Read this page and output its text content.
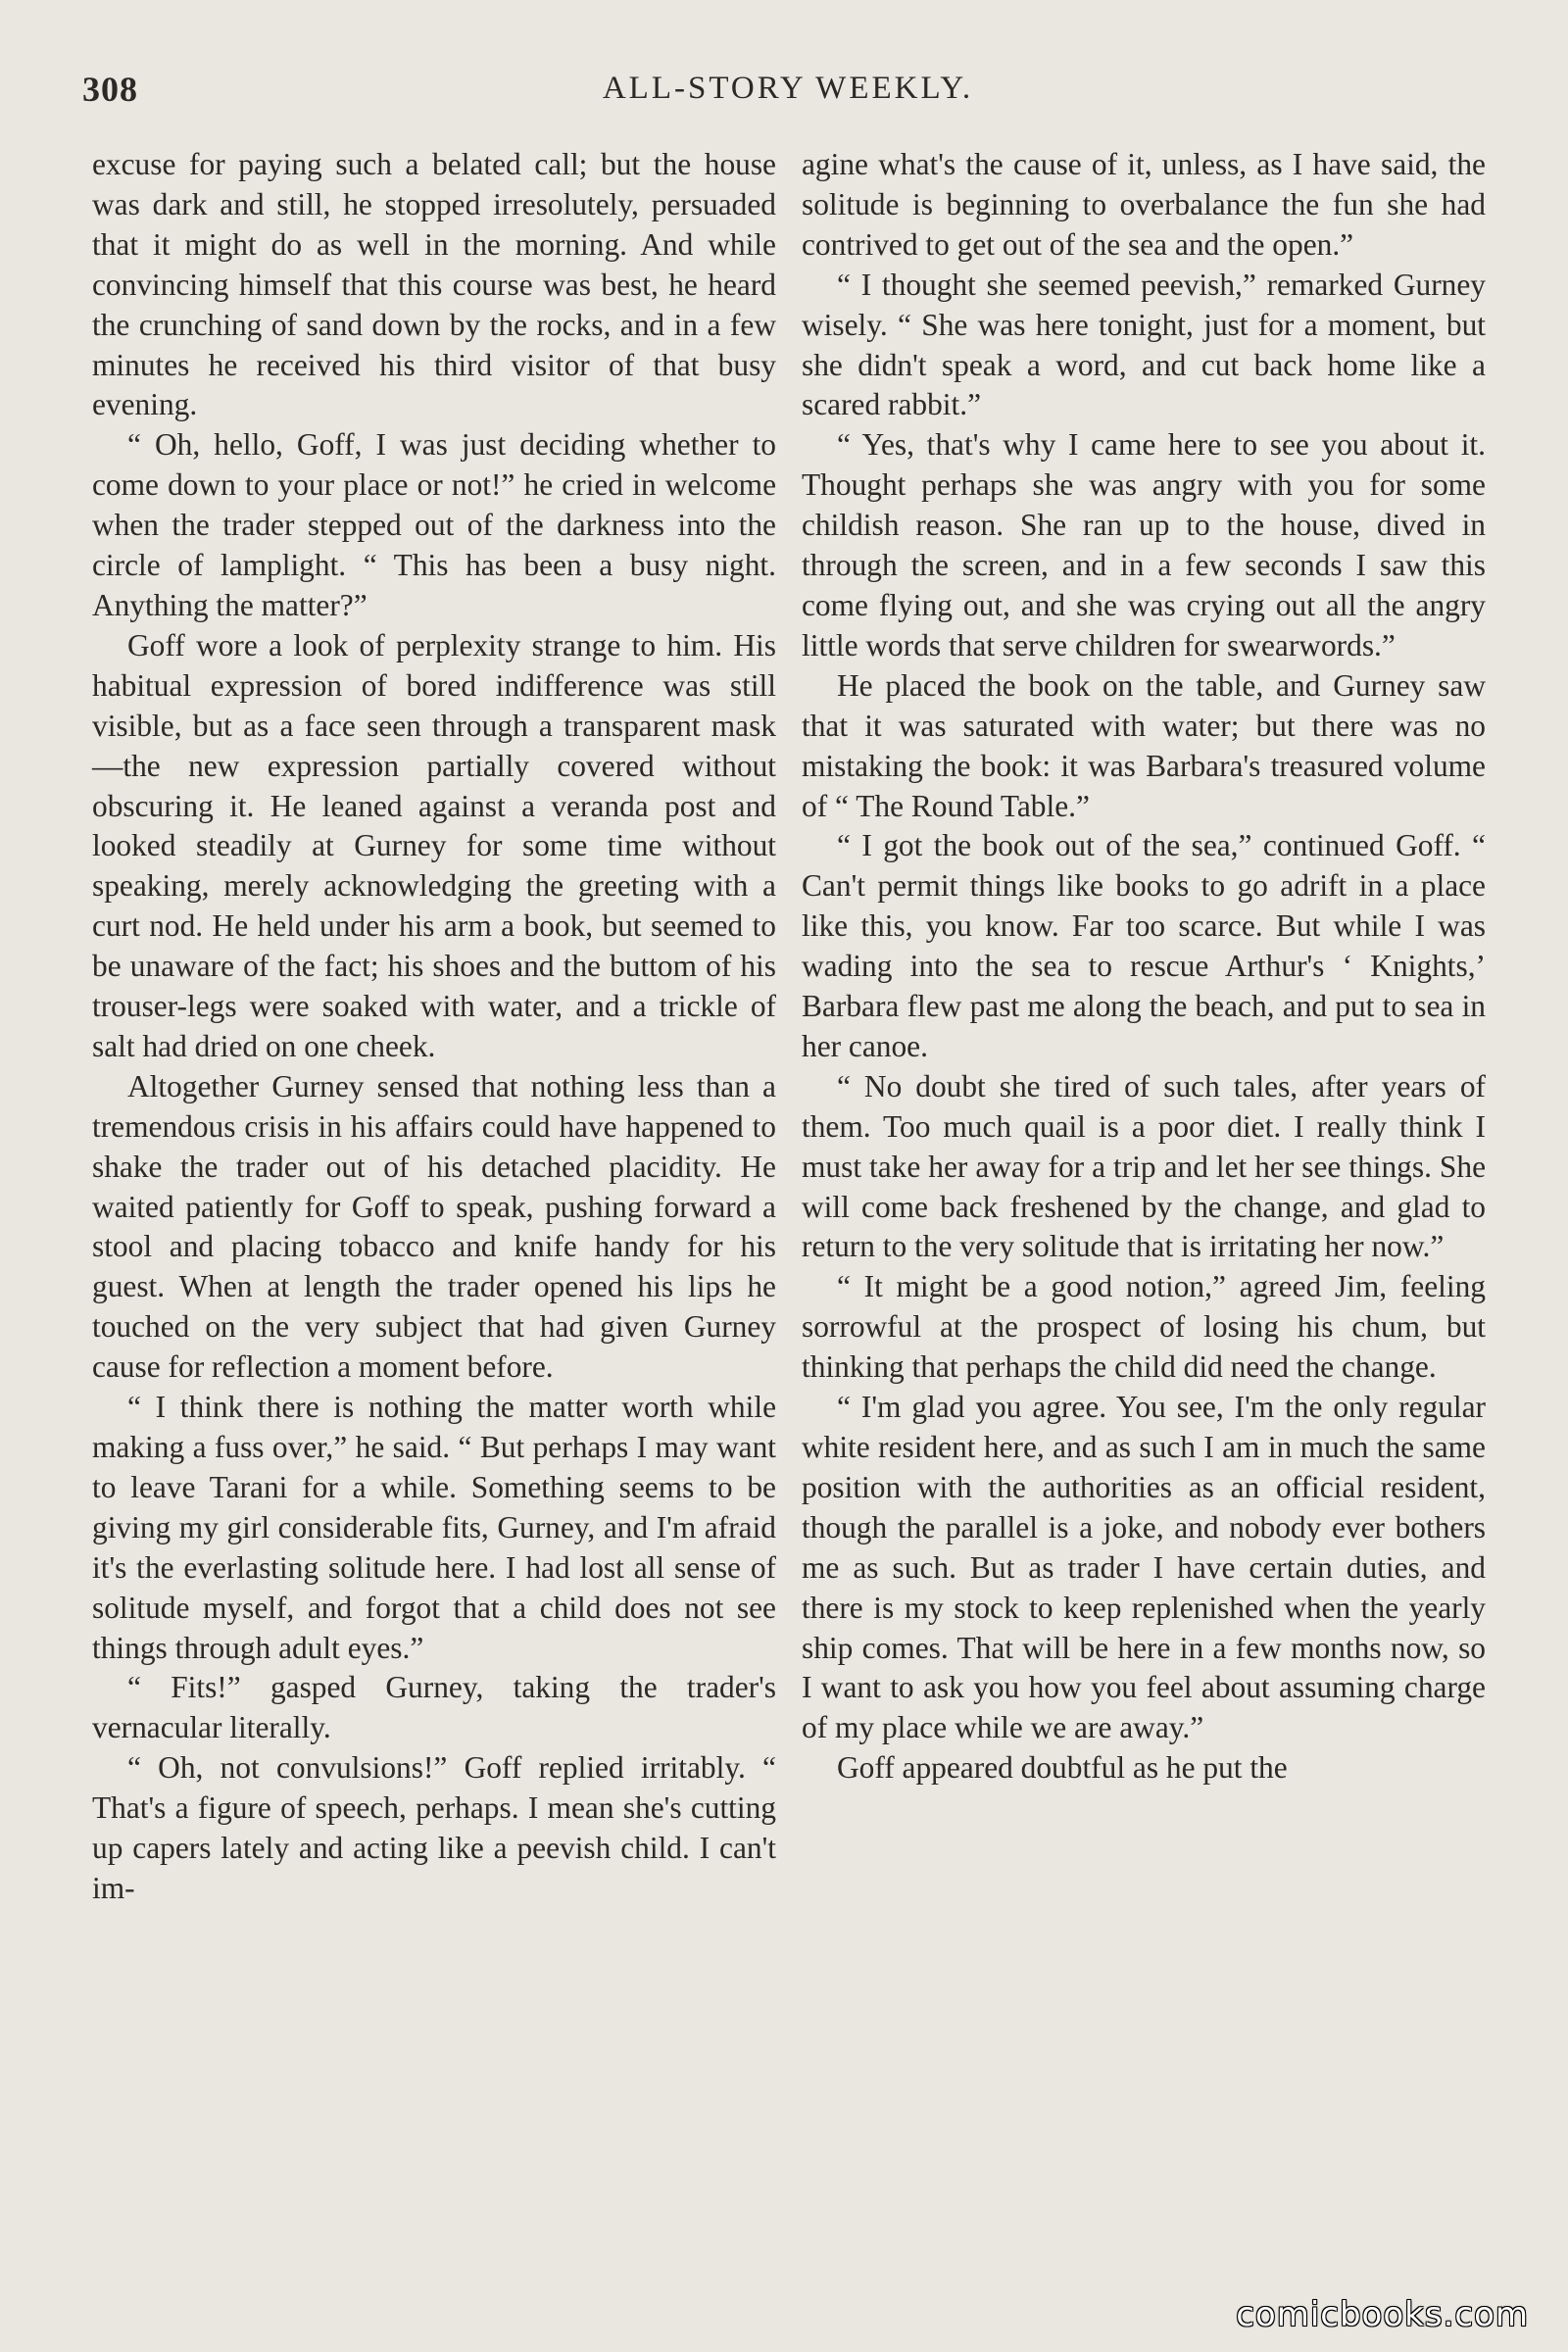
308	ALL-STORY WEEKLY.

excuse for paying such a belated call; but the house was dark and still, he stopped irresolutely, persuaded that it might do as well in the morning. And while convincing himself that this course was best, he heard the crunching of sand down by the rocks, and in a few minutes he received his third visitor of that busy evening.

“ Oh, hello, Goff, I was just deciding whether to come down to your place or not!” he cried in welcome when the trader stepped out of the darkness into the circle of lamplight. “ This has been a busy night. Anything the matter?”

Goff wore a look of perplexity strange to him. His habitual expression of bored indifference was still visible, but as a face seen through a transparent mask—the new expression partially covered without obscuring it. He leaned against a veranda post and looked steadily at Gurney for some time without speaking, merely acknowledging the greeting with a curt nod. He held under his arm a book, but seemed to be unaware of the fact; his shoes and the buttom of his trouser-legs were soaked with water, and a trickle of salt had dried on one cheek.

Altogether Gurney sensed that nothing less than a tremendous crisis in his affairs could have happened to shake the trader out of his detached placidity. He waited patiently for Goff to speak, pushing forward a stool and placing tobacco and knife handy for his guest. When at length the trader opened his lips he touched on the very subject that had given Gurney cause for reflection a moment before.

“ I think there is nothing the matter worth while making a fuss over,” he said. “ But perhaps I may want to leave Tarani for a while. Something seems to be giving my girl considerable fits, Gurney, and I'm afraid it's the everlasting solitude here. I had lost all sense of solitude myself, and forgot that a child does not see things through adult eyes.”

“ Fits!” gasped Gurney, taking the trader's vernacular literally.

“ Oh, not convulsions!” Goff replied irritably. “ That's a figure of speech, perhaps. I mean she's cutting up capers lately and acting like a peevish child. I can't im-

agine what's the cause of it, unless, as I have said, the solitude is beginning to overbalance the fun she had contrived to get out of the sea and the open.”

“ I thought she seemed peevish,” remarked Gurney wisely. “ She was here tonight, just for a moment, but she didn't speak a word, and cut back home like a scared rabbit.”

“ Yes, that's why I came here to see you about it. Thought perhaps she was angry with you for some childish reason. She ran up to the house, dived in through the screen, and in a few seconds I saw this come flying out, and she was crying out all the angry little words that serve children for swearwords.”

He placed the book on the table, and Gurney saw that it was saturated with water; but there was no mistaking the book: it was Barbara's treasured volume of “ The Round Table.”

“ I got the book out of the sea,” continued Goff. “ Can't permit things like books to go adrift in a place like this, you know. Far too scarce. But while I was wading into the sea to rescue Arthur's ‘ Knights,’ Barbara flew past me along the beach, and put to sea in her canoe.

“ No doubt she tired of such tales, after years of them. Too much quail is a poor diet. I really think I must take her away for a trip and let her see things. She will come back freshened by the change, and glad to return to the very solitude that is irritating her now.”

“ It might be a good notion,” agreed Jim, feeling sorrowful at the prospect of losing his chum, but thinking that perhaps the child did need the change.

“ I'm glad you agree. You see, I'm the only regular white resident here, and as such I am in much the same position with the authorities as an official resident, though the parallel is a joke, and nobody ever bothers me as such. But as trader I have certain duties, and there is my stock to keep replenished when the yearly ship comes. That will be here in a few months now, so I want to ask you how you feel about assuming charge of my place while we are away.”

Goff appeared doubtful as he put the

comicbooks.com
